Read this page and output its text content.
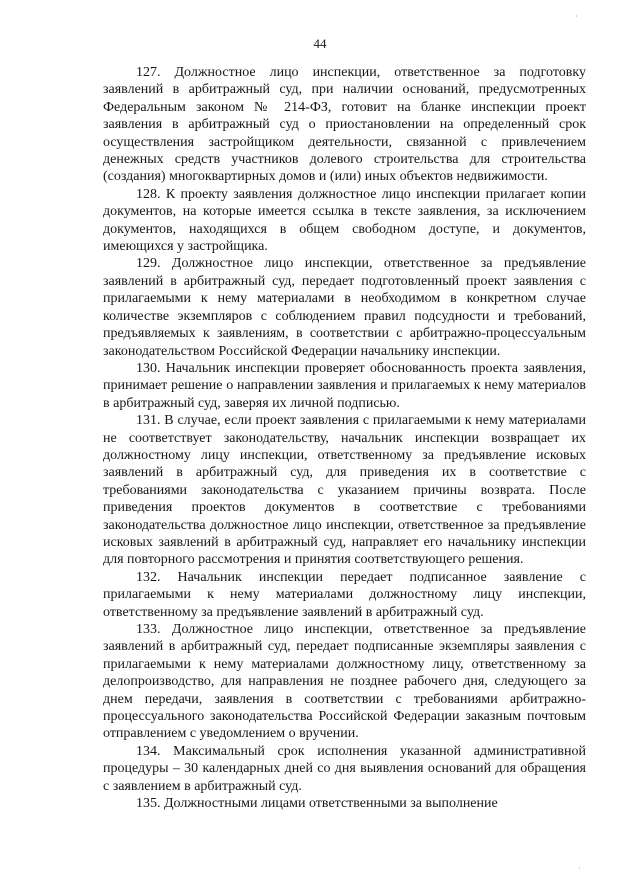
˙
44

127. Должностное лицо инспекции, ответственное за подготовку заявлений в арбитражный суд, при наличии оснований, предусмотренных Федеральным законом № 214-ФЗ, готовит на бланке инспекции проект заявления в арбитражный суд о приостановлении на определенный срок осуществления застройщиком деятельности, связанной с привлечением денежных средств участников долевого строительства для строительства (создания) многоквартирных домов и (или) иных объектов недвижимости.

128. К проекту заявления должностное лицо инспекции прилагает копии документов, на которые имеется ссылка в тексте заявления, за исключением документов, находящихся в общем свободном доступе, и документов, имеющихся у застройщика.

129. Должностное лицо инспекции, ответственное за предъявление заявлений в арбитражный суд, передает подготовленный проект заявления с прилагаемыми к нему материалами в необходимом в конкретном случае количестве экземпляров с соблюдением правил подсудности и требований, предъявляемых к заявлениям, в соответствии с арбитражно-процессуальным законодательством Российской Федерации начальнику инспекции.

130. Начальник инспекции проверяет обоснованность проекта заявления, принимает решение о направлении заявления и прилагаемых к нему материалов в арбитражный суд, заверяя их личной подписью.

131. В случае, если проект заявления с прилагаемыми к нему материалами не соответствует законодательству, начальник инспекции возвращает их должностному лицу инспекции, ответственному за предъявление исковых заявлений в арбитражный суд, для приведения их в соответствие с требованиями законодательства с указанием причины возврата. После приведения проектов документов в соответствие с требованиями законодательства должностное лицо инспекции, ответственное за предъявление исковых заявлений в арбитражный суд, направляет его начальнику инспекции для повторного рассмотрения и принятия соответствующего решения.

132. Начальник инспекции передает подписанное заявление с прилагаемыми к нему материалами должностному лицу инспекции, ответственному за предъявление заявлений в арбитражный суд.

133. Должностное лицо инспекции, ответственное за предъявление заявлений в арбитражный суд, передает подписанные экземпляры заявления с прилагаемыми к нему материалами должностному лицу, ответственному за делопроизводство, для направления не позднее рабочего дня, следующего за днем передачи, заявления в соответствии с требованиями арбитражно-процессуального законодательства Российской Федерации заказным почтовым отправлением с уведомлением о вручении.

134. Максимальный срок исполнения указанной административной процедуры – 30 календарных дней со дня выявления оснований для обращения с заявлением в арбитражный суд.

135. Должностными лицами ответственными за выполнение

˙
